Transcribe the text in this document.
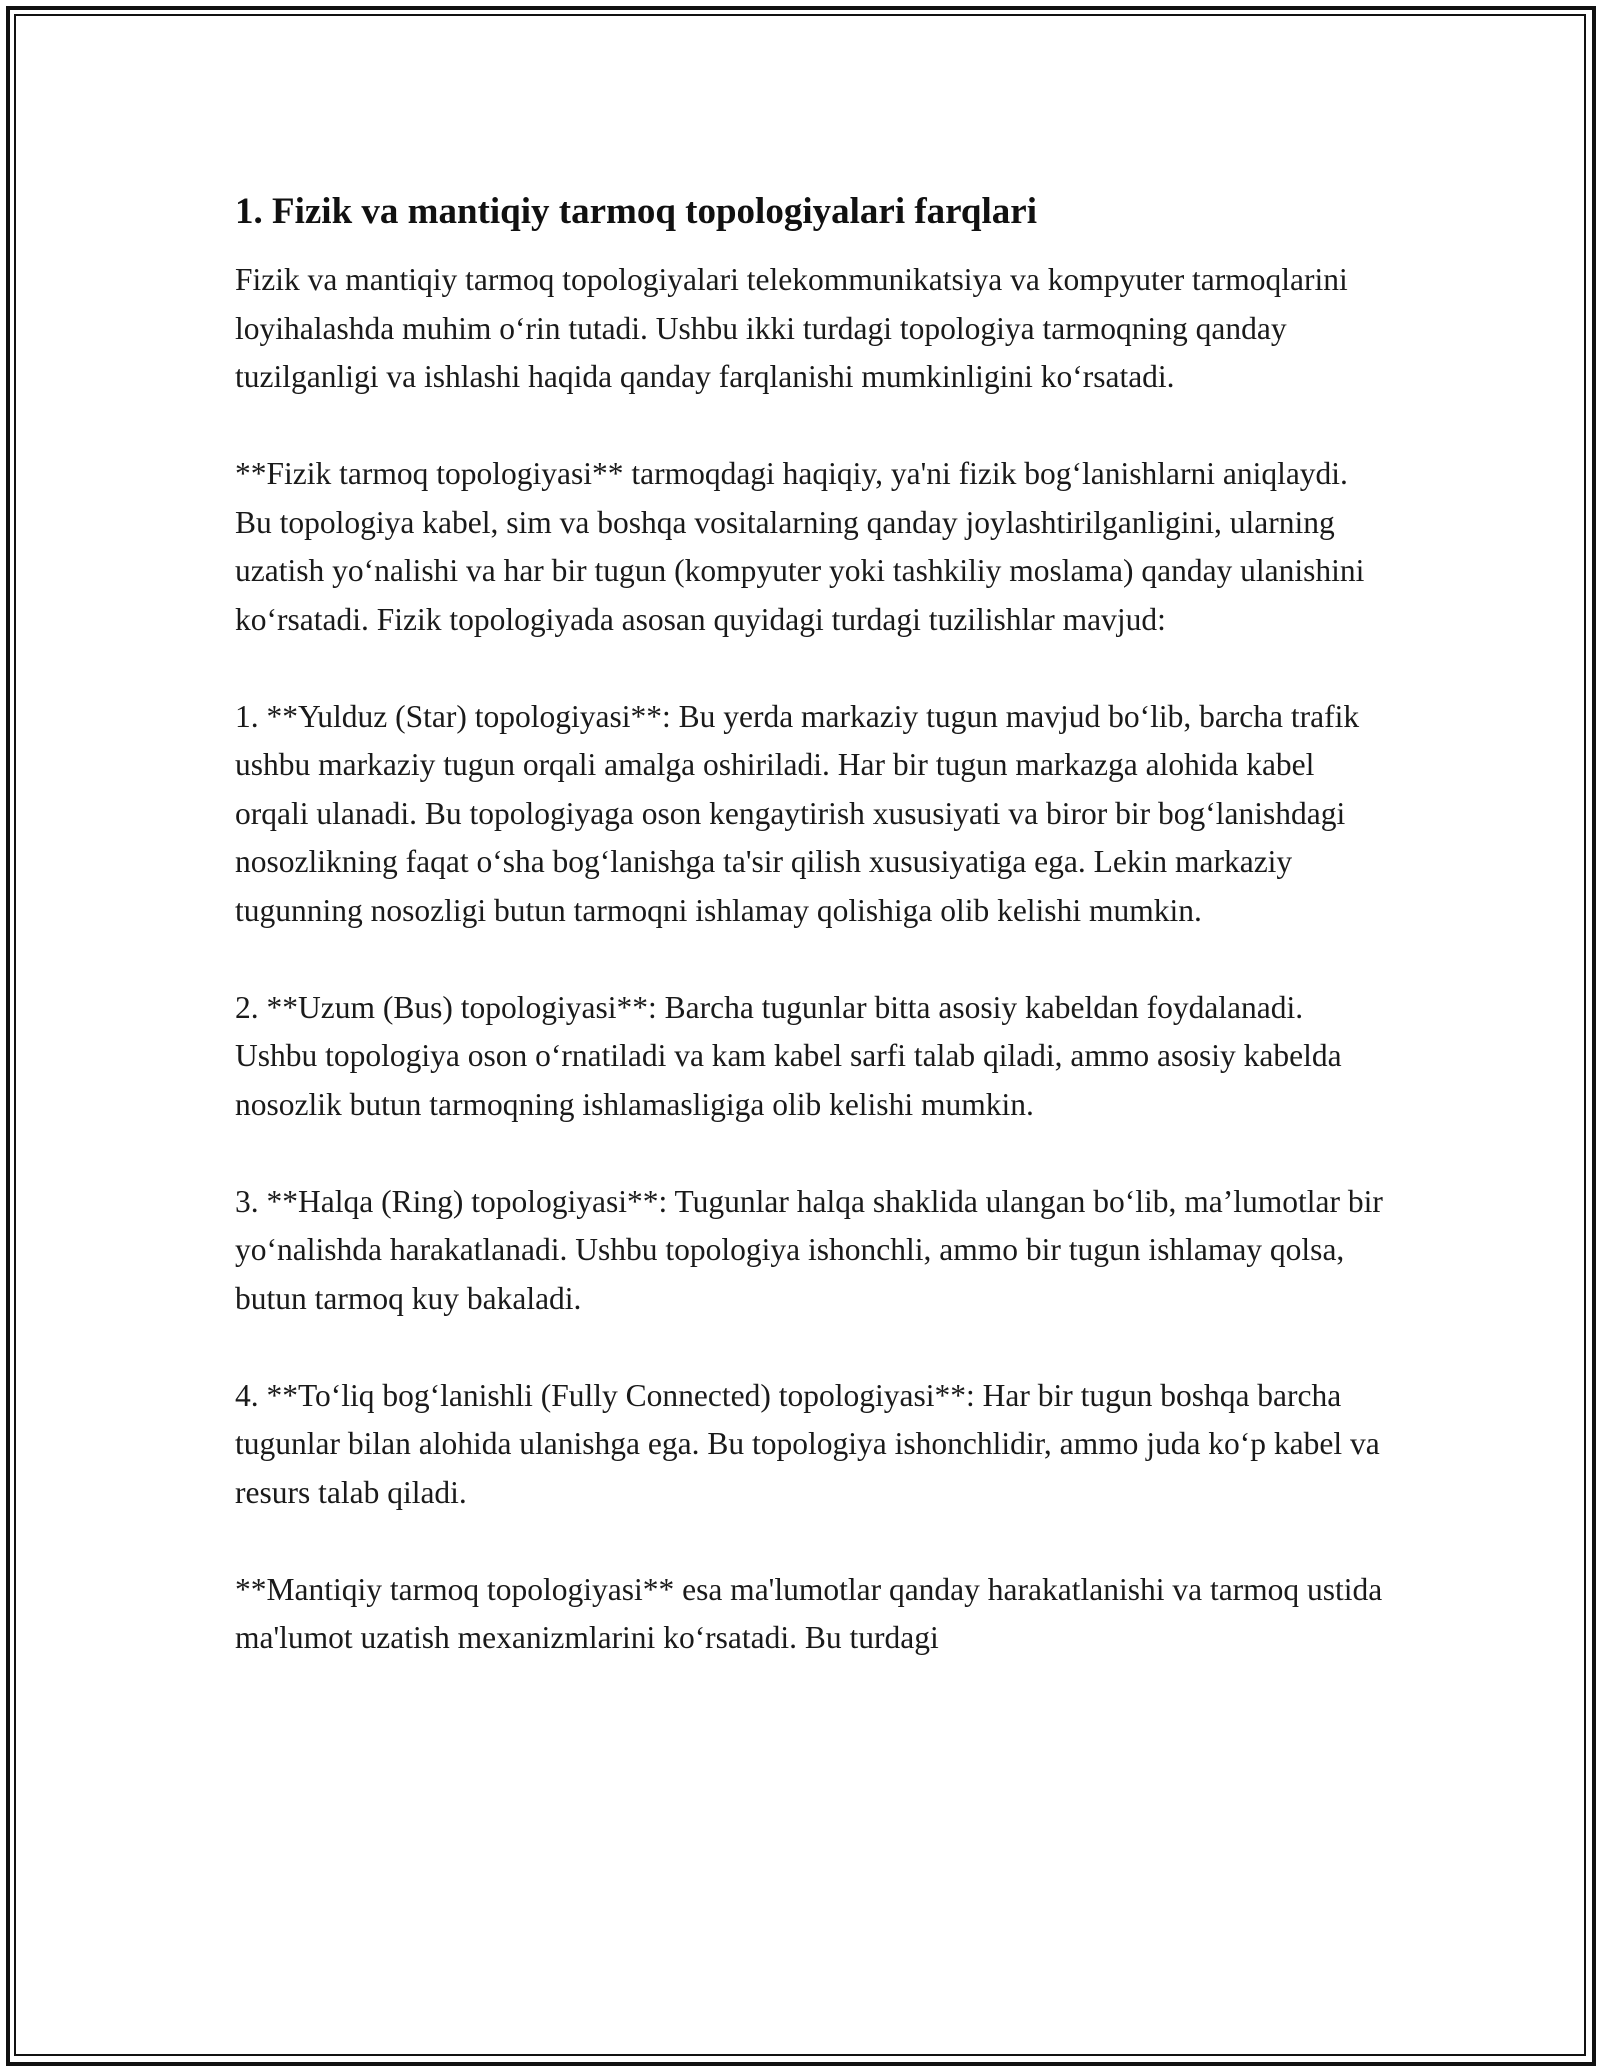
1. Fizik va mantiqiy tarmoq topologiyalari farqlari

Fizik va mantiqiy tarmoq topologiyalari telekommunikatsiya va kompyuter tarmoqlarini loyihalashda muhim o‘rin tutadi. Ushbu ikki turdagi topologiya tarmoqning qanday tuzilganligi va ishlashi haqida qanday farqlanishi mumkinligini ko‘rsatadi.

**Fizik tarmoq topologiyasi** tarmoqdagi haqiqiy, ya'ni fizik bog‘lanishlarni aniqlaydi. Bu topologiya kabel, sim va boshqa vositalarning qanday joylashtirilganligini, ularning uzatish yo‘nalishi va har bir tugun (kompyuter yoki tashkiliy moslama) qanday ulanishini ko‘rsatadi. Fizik topologiyada asosan quyidagi turdagi tuzilishlar mavjud:

1. **Yulduz (Star) topologiyasi**: Bu yerda markaziy tugun mavjud bo‘lib, barcha trafik ushbu markaziy tugun orqali amalga oshiriladi. Har bir tugun markazga alohida kabel orqali ulanadi. Bu topologiyaga oson kengaytirish xususiyati va biror bir bog‘lanishdagi nosozlikning faqat o‘sha bog‘lanishga ta'sir qilish xususiyatiga ega. Lekin markaziy tugunning nosozligi butun tarmoqni ishlamay qolishiga olib kelishi mumkin.

2. **Uzum (Bus) topologiyasi**: Barcha tugunlar bitta asosiy kabeldan foydalanadi. Ushbu topologiya oson o‘rnatiladi va kam kabel sarfi talab qiladi, ammo asosiy kabelda nosozlik butun tarmoqning ishlamasligiga olib kelishi mumkin.

3. **Halqa (Ring) topologiyasi**: Tugunlar halqa shaklida ulangan bo‘lib, ma’lumotlar bir yo‘nalishda harakatlanadi. Ushbu topologiya ishonchli, ammo bir tugun ishlamay qolsa, butun tarmoq kuy bakaladi.

4. **To‘liq bog‘lanishli (Fully Connected) topologiyasi**: Har bir tugun boshqa barcha tugunlar bilan alohida ulanishga ega. Bu topologiya ishonchlidir, ammo juda ko‘p kabel va resurs talab qiladi.

**Mantiqiy tarmoq topologiyasi** esa ma'lumotlar qanday harakatlanishi va tarmoq ustida ma'lumot uzatish mexanizmlarini ko‘rsatadi. Bu turdagi
